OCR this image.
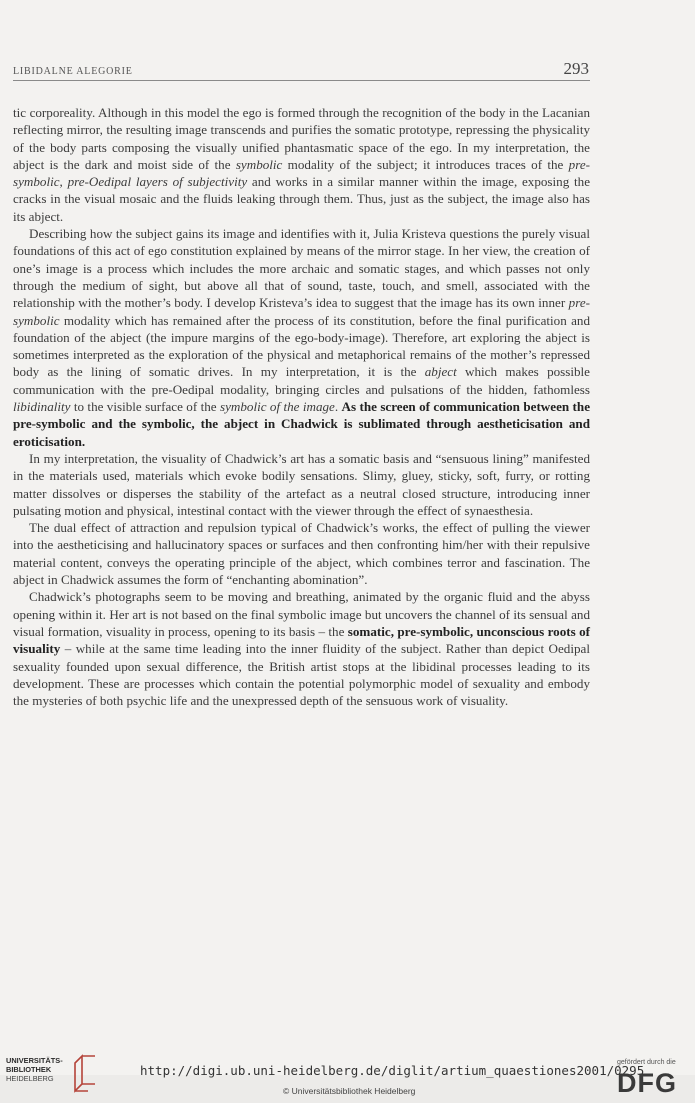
LIBIDALNE ALEGORIE	293

tic corporeality. Although in this model the ego is formed through the recognition of the body in the Lacanian reflecting mirror, the resulting image transcends and purifies the somatic prototype, repressing the physicality of the body parts composing the visually unified phantasmatic space of the ego. In my interpretation, the abject is the dark and moist side of the symbolic modality of the subject; it introduces traces of the pre-symbolic, pre-Oedipal layers of subjectivity and works in a similar manner within the image, exposing the cracks in the visual mosaic and the fluids leaking through them. Thus, just as the subject, the image also has its abject.

Describing how the subject gains its image and identifies with it, Julia Kristeva questions the purely visual foundations of this act of ego constitution explained by means of the mirror stage. In her view, the creation of one’s image is a process which includes the more archaic and somatic stages, and which passes not only through the medium of sight, but above all that of sound, taste, touch, and smell, associated with the relationship with the mother’s body. I develop Kristeva’s idea to suggest that the image has its own inner pre-symbolic modality which has remained after the process of its constitution, before the final purification and foundation of the abject (the impure margins of the ego-body-image). Therefore, art exploring the abject is sometimes interpreted as the exploration of the physical and metaphorical remains of the mother’s repressed body as the lining of somatic drives. In my interpretation, it is the abject which makes possible communication with the pre-Oedipal modality, bringing circles and pulsations of the hidden, fathomless libidinality to the visible surface of the symbolic of the image. As the screen of communication between the pre-symbolic and the symbolic, the abject in Chadwick is sublimated through aestheticisation and eroticisation.

In my interpretation, the visuality of Chadwick’s art has a somatic basis and “sensuous lining” manifested in the materials used, materials which evoke bodily sensations. Slimy, gluey, sticky, soft, furry, or rotting matter dissolves or disperses the stability of the artefact as a neutral closed structure, introducing inner pulsating motion and physical, intestinal contact with the viewer through the effect of synaesthesia.

The dual effect of attraction and repulsion typical of Chadwick’s works, the effect of pulling the viewer into the aestheticising and hallucinatory spaces or surfaces and then confronting him/her with their repulsive material content, conveys the operating principle of the abject, which combines terror and fascination. The abject in Chadwick assumes the form of “enchanting abomination”.

Chadwick’s photographs seem to be moving and breathing, animated by the organic fluid and the abyss opening within it. Her art is not based on the final symbolic image but uncovers the channel of its sensual and visual formation, visuality in process, opening to its basis – the somatic, pre-symbolic, unconscious roots of visuality – while at the same time leading into the inner fluidity of the subject. Rather than depict Oedipal sexuality founded upon sexual difference, the British artist stops at the libidinal processes leading to its development. These are processes which contain the potential polymorphic model of sexuality and embody the mysteries of both psychic life and the unexpressed depth of the sensuous work of visuality.

UNIVERSITÄTS-
BIBLIOTHEK
HEIDELBERG
http://digi.ub.uni-heidelberg.de/diglit/artium_quaestiones2001/0295
© Universitätsbibliothek Heidelberg
gefördert durch die
DFG
